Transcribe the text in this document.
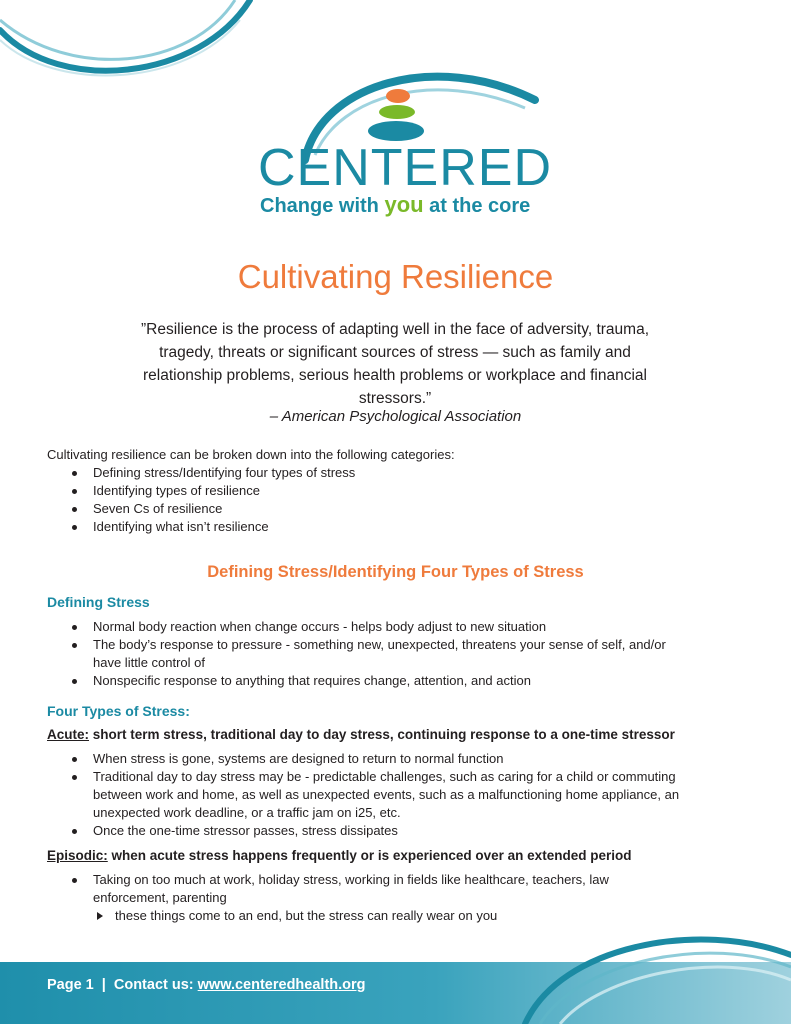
CENTERED
Change with you at the core
Cultivating Resilience
”Resilience is the process of adapting well in the face of adversity, trauma, tragedy, threats or significant sources of stress — such as family and relationship problems, serious health problems or workplace and financial stressors.”
– American Psychological Association
Cultivating resilience can be broken down into the following categories:
Defining stress/Identifying four types of stress
Identifying types of resilience
Seven Cs of resilience
Identifying what isn’t resilience
Defining Stress/Identifying Four Types of Stress
Defining Stress
Normal body reaction when change occurs - helps body adjust to new situation
The body’s response to pressure - something new, unexpected, threatens your sense of self, and/or have little control of
Nonspecific response to anything that requires change, attention, and action
Four Types of Stress:
Acute: short term stress, traditional day to day stress, continuing response to a one-time stressor
When stress is gone, systems are designed to return to normal function
Traditional day to day stress may be - predictable challenges, such as caring for a child or commuting between work and home, as well as unexpected events, such as a malfunctioning home appliance, an unexpected work deadline, or a traffic jam on i25, etc.
Once the one-time stressor passes, stress dissipates
Episodic: when acute stress happens frequently or is experienced over an extended period
Taking on too much at work, holiday stress, working in fields like healthcare, teachers, law enforcement, parenting
these things come to an end, but the stress can really wear on you
Page 1 | Contact us: www.centeredhealth.org
